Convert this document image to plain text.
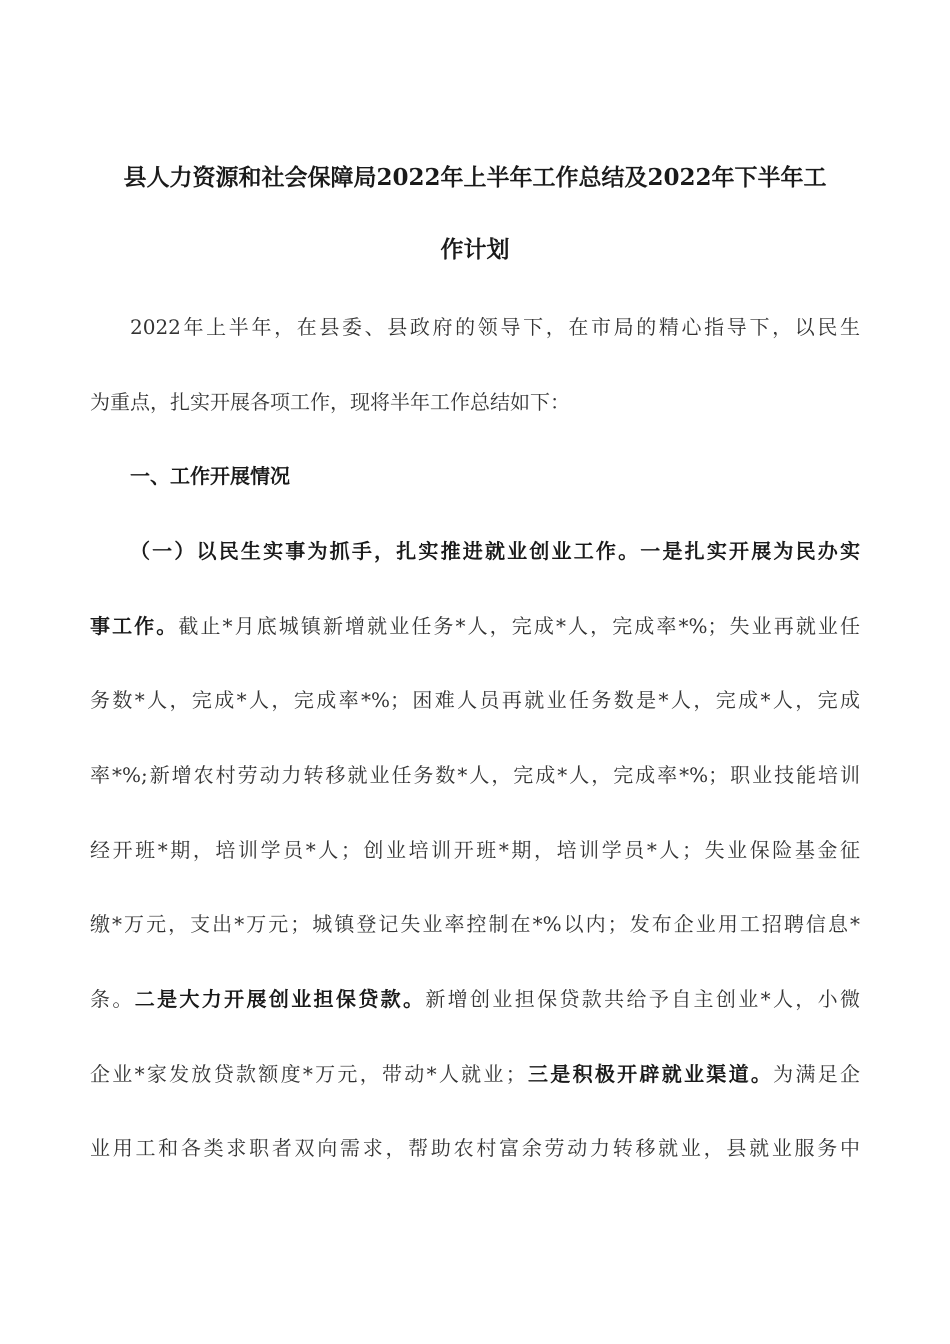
县人力资源和社会保障局2022年上半年工作总结及2022年下半年工
作计划
2022年上半年，在县委、县政府的领导下，在市局的精心指导下，以民生
为重点，扎实开展各项工作，现将半年工作总结如下：
一、工作开展情况
（一）以民生实事为抓手，扎实推进就业创业工作。一是扎实开展为民办实
事工作。截止*月底城镇新增就业任务*人，完成*人，完成率*%；失业再就业任
务数*人，完成*人，完成率*%；困难人员再就业任务数是*人，完成*人，完成
率*%;新增农村劳动力转移就业任务数*人，完成*人，完成率*%；职业技能培训
经开班*期，培训学员*人；创业培训开班*期，培训学员*人；失业保险基金征
缴*万元，支出*万元；城镇登记失业率控制在*%以内；发布企业用工招聘信息*
条。二是大力开展创业担保贷款。新增创业担保贷款共给予自主创业*人，小微
企业*家发放贷款额度*万元，带动*人就业；三是积极开辟就业渠道。为满足企
业用工和各类求职者双向需求，帮助农村富余劳动力转移就业，县就业服务中
